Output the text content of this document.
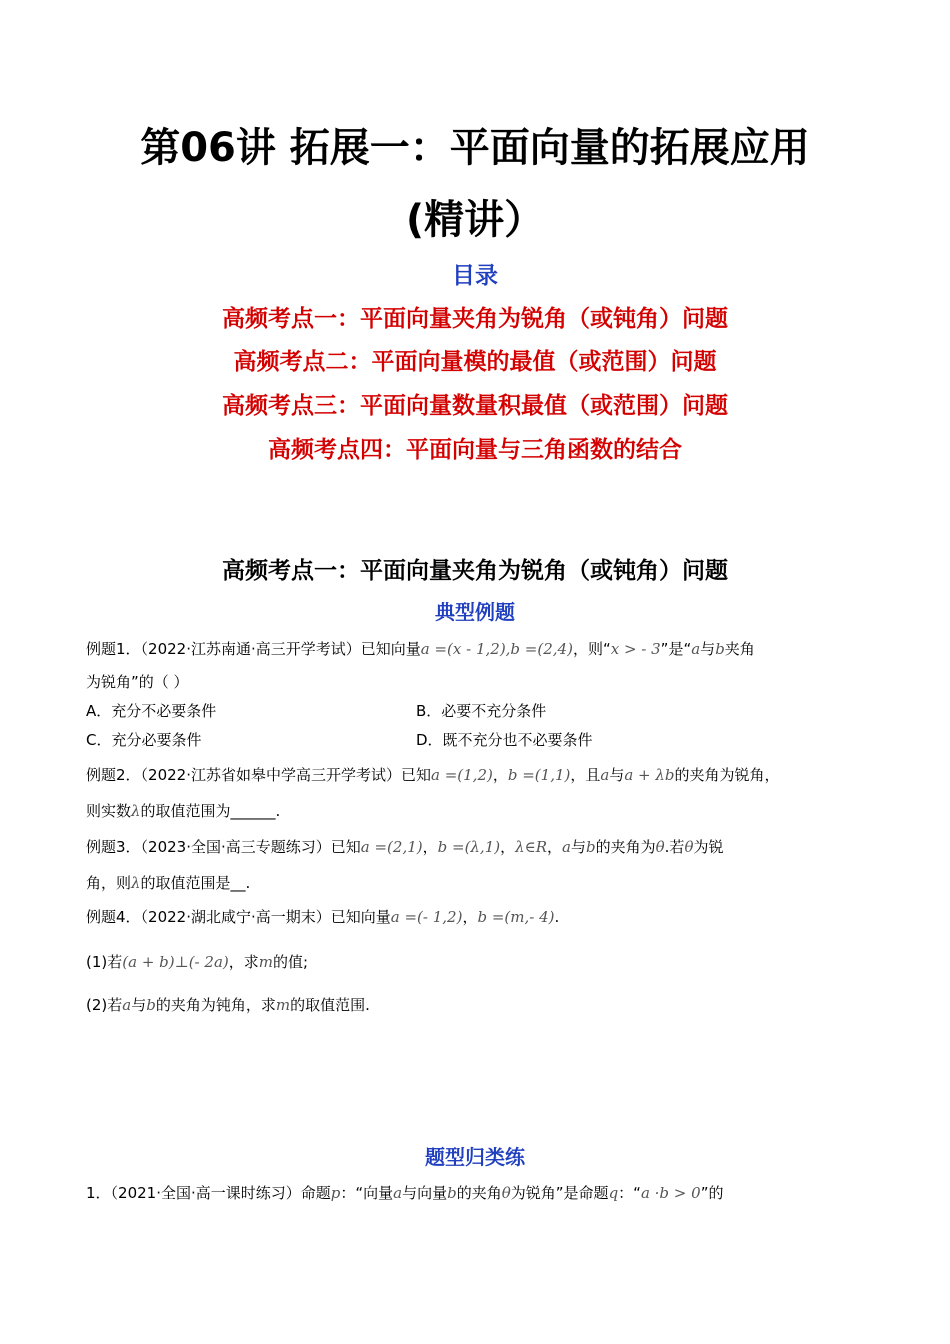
第06讲 拓展一：平面向量的拓展应用
(精讲）
目录
高频考点一：平面向量夹角为锐角（或钝角）问题
高频考点二：平面向量模的最值（或范围）问题
高频考点三：平面向量数量积最值（或范围）问题
高频考点四：平面向量与三角函数的结合
高频考点一：平面向量夹角为锐角（或钝角）问题
典型例题
例题1．（2022·江苏南通·高三开学考试）已知向量a =(x - 1,2),b =(2,4)，则“x > - 3”是“a与b夹角
为锐角”的（ ）
A．充分不必要条件	B．必要不充分条件
C．充分必要条件	D．既不充分也不必要条件
例题2．（2022·江苏省如皋中学高三开学考试）已知a =(1,2)，b =(1,1)，且a与a + λb的夹角为锐角，
则实数λ的取值范围为______.
例题3．（2023·全国·高三专题练习）已知a =(2,1)，b =(λ,1)，λ∈R，a与b的夹角为θ.若θ为锐
角，则λ的取值范围是__.
例题4．（2022·湖北咸宁·高一期末）已知向量a =(- 1,2)，b =(m,- 4).
(1)若(a + b)⊥(- 2a)，求m的值;
(2)若a与b的夹角为钝角，求m的取值范围.
题型归类练
1．（2021·全国·高一课时练习）命题p：“向量a与向量b的夹角θ为锐角”是命题q：“a ·b > 0”的
